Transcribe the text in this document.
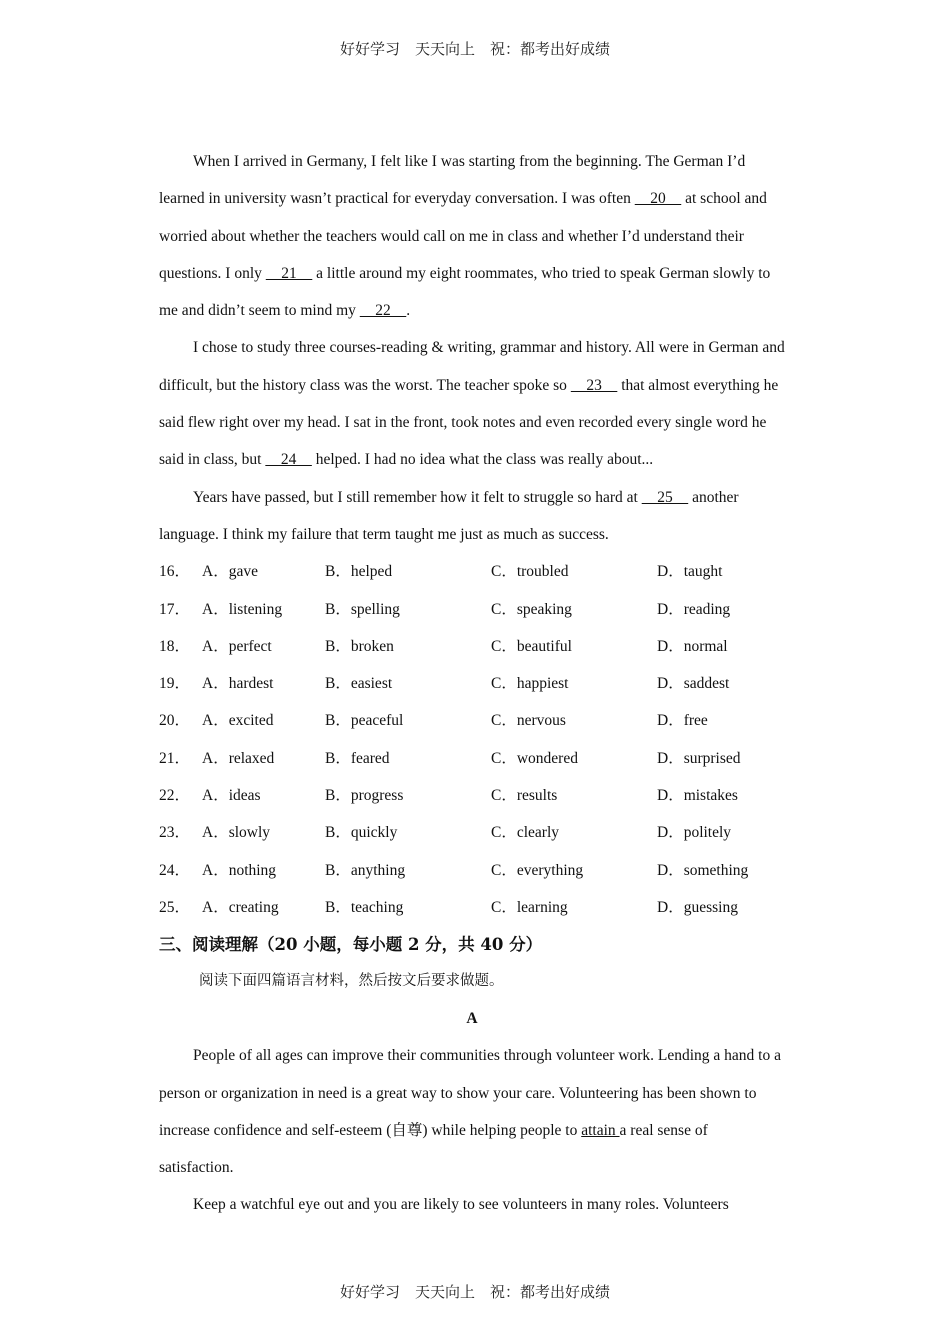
好好学习　天天向上　祝：都考出好成绩

When I arrived in Germany, I felt like I was starting from the beginning. The German I’d learned in university wasn’t practical for everyday conversation. I was often     20     at school and worried about whether the teachers would call on me in class and whether I’d understand their questions. I only     21     a little around my eight roommates, who tried to speak German slowly to me and didn’t seem to mind my     22    .

I chose to study three courses-reading & writing, grammar and history. All were in German and difficult, but the history class was the worst. The teacher spoke so     23     that almost everything he said flew right over my head. I sat in the front, took notes and even recorded every single word he said in class, but     24     helped. I had no idea what the class was really about...

Years have passed, but I still remember how it felt to struggle so hard at     25     another language. I think my failure that term taught me just as much as success.

16． A．gave	B．helped	C．troubled	D．taught
17． A．listening	B．spelling	C．speaking	D．reading
18． A．perfect	B．broken	C．beautiful	D．normal
19． A．hardest	B．easiest	C．happiest	D．saddest
20． A．excited	B．peaceful	C．nervous	D．free
21． A．relaxed	B．feared	C．wondered	D．surprised
22． A．ideas	B．progress	C．results	D．mistakes
23． A．slowly	B．quickly	C．clearly	D．politely
24． A．nothing	B．anything	C．everything	D．something
25． A．creating	B．teaching	C．learning	D．guessing
三、阅读理解（20 小题，每小题 2 分，共 40 分）
阅读下面四篇语言材料，然后按文后要求做题。
A

People of all ages can improve their communities through volunteer work. Lending a hand to a person or organization in need is a great way to show your care. Volunteering has been shown to increase confidence and self-esteem (自尊) while helping people to attain a real sense of satisfaction.

Keep a watchful eye out and you are likely to see volunteers in many roles. Volunteers

好好学习　天天向上　祝：都考出好成绩
